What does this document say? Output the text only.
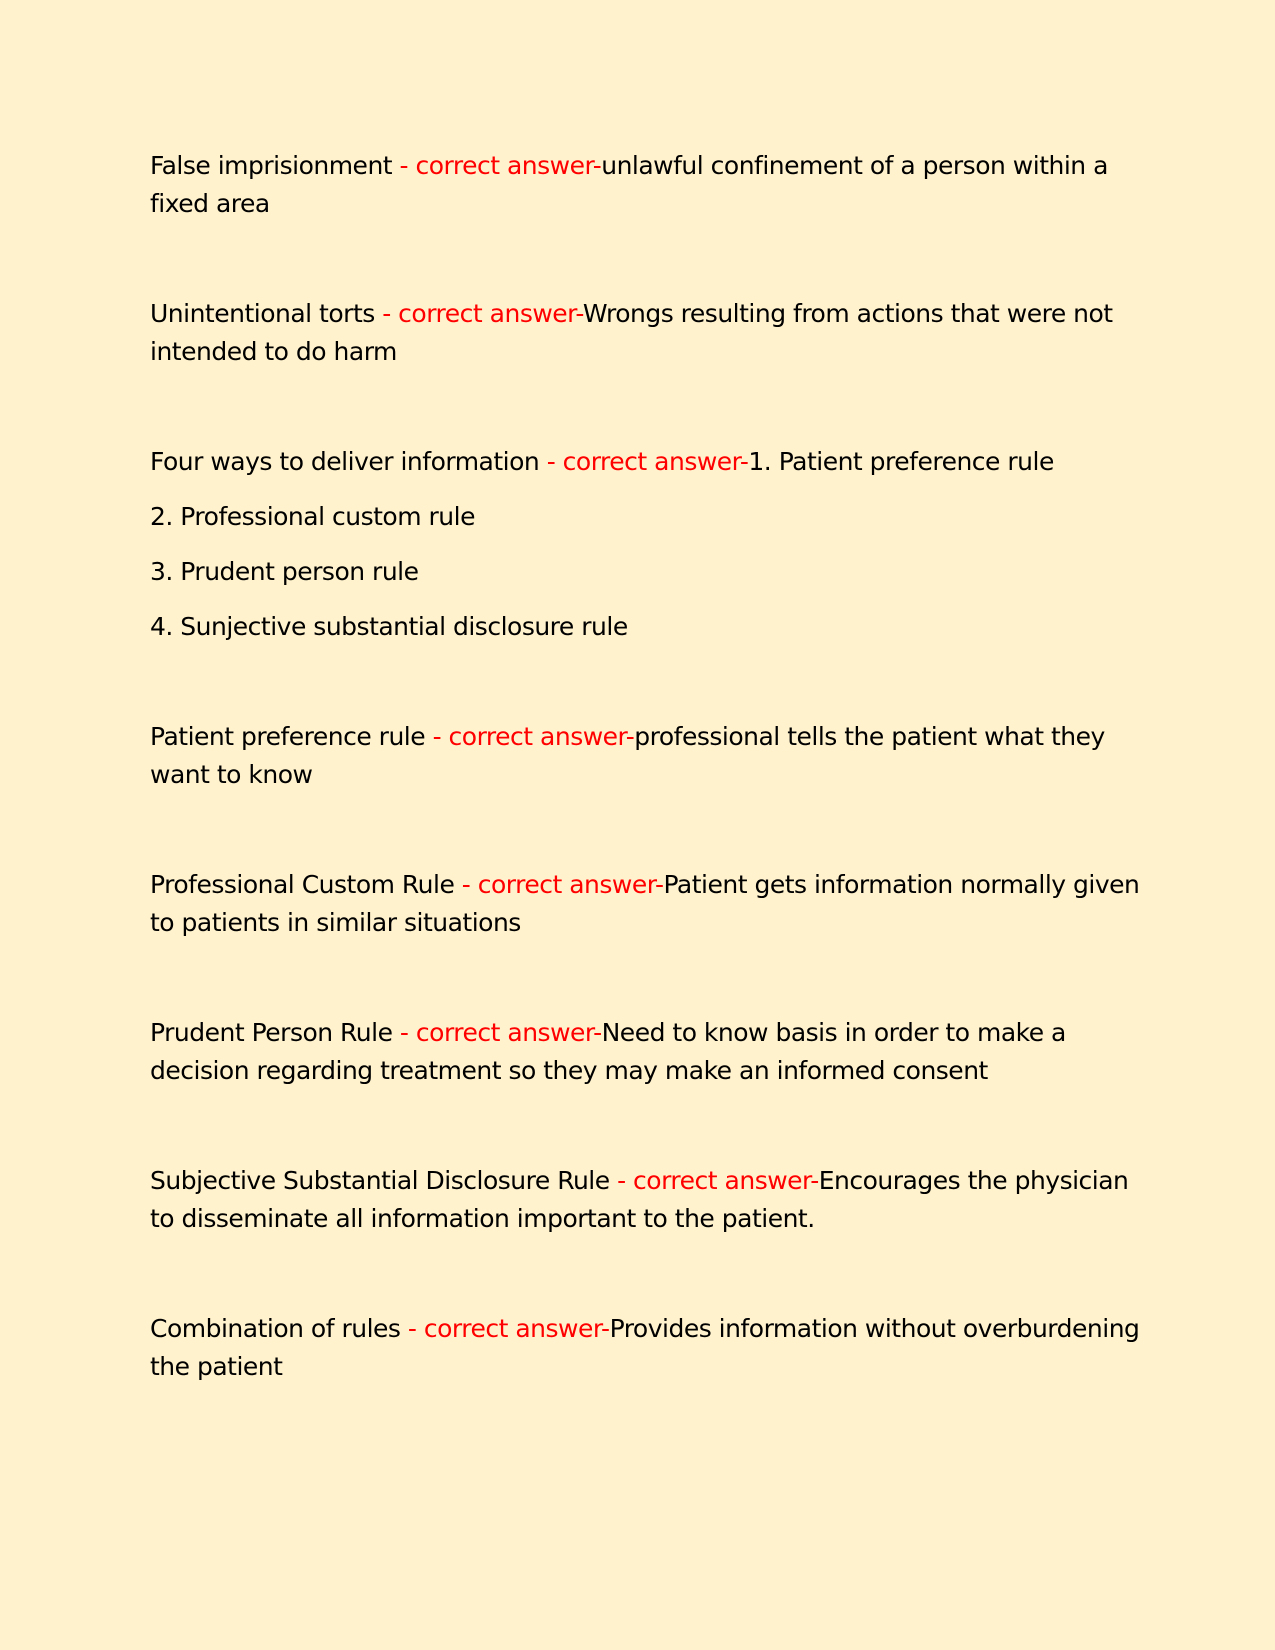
False imprisionment - correct answer-unlawful confinement of a person within a fixed area

Unintentional torts - correct answer-Wrongs resulting from actions that were not intended to do harm

Four ways to deliver information - correct answer-1. Patient preference rule

2. Professional custom rule

3. Prudent person rule

4. Sunjective substantial disclosure rule

Patient preference rule - correct answer-professional tells the patient what they want to know

Professional Custom Rule - correct answer-Patient gets information normally given to patients in similar situations

Prudent Person Rule - correct answer-Need to know basis in order to make a decision regarding treatment so they may make an informed consent

Subjective Substantial Disclosure Rule - correct answer-Encourages the physician to disseminate all information important to the patient.

Combination of rules - correct answer-Provides information without overburdening the patient
